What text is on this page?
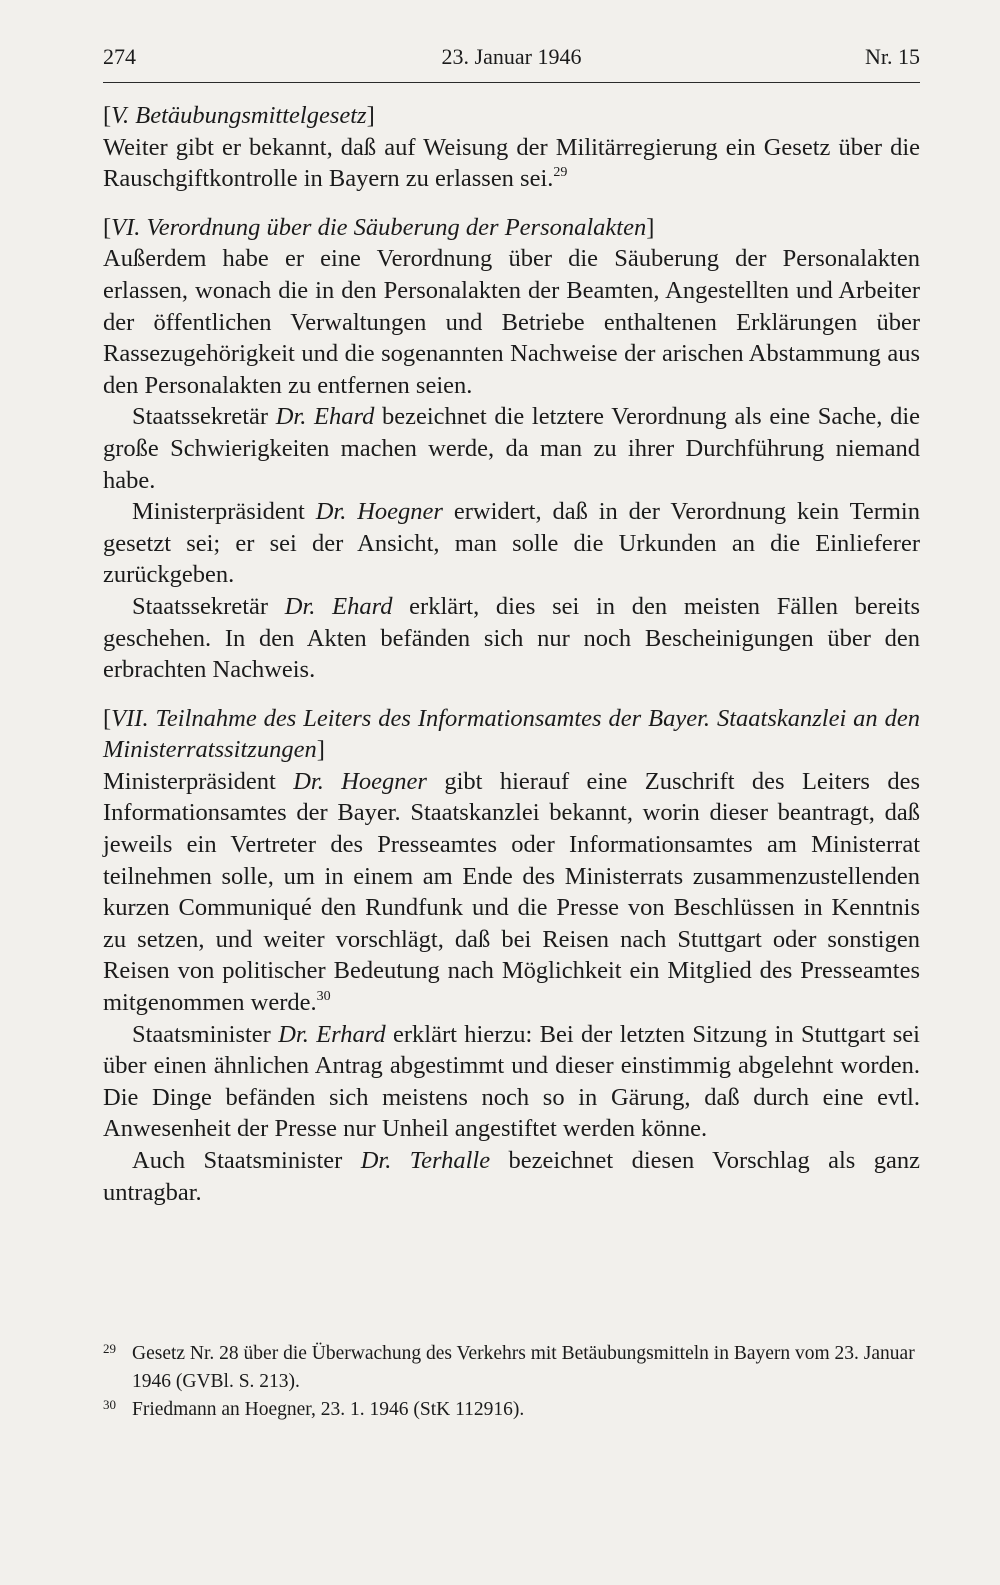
274	23. Januar 1946	Nr. 15

[V. Betäubungsmittelgesetz]

Weiter gibt er bekannt, daß auf Weisung der Militärregierung ein Gesetz über die Rauschgiftkontrolle in Bayern zu erlassen sei.$^{29}$

[VI. Verordnung über die Säuberung der Personalakten]

Außerdem habe er eine Verordnung über die Säuberung der Personalakten erlassen, wonach die in den Personalakten der Beamten, Angestellten und Arbeiter der öffentlichen Verwaltungen und Betriebe enthaltenen Erklärungen über Rassezugehörigkeit und die sogenannten Nachweise der arischen Abstammung aus den Personalakten zu entfernen seien.

Staatssekretär Dr. Ehard bezeichnet die letztere Verordnung als eine Sache, die große Schwierigkeiten machen werde, da man zu ihrer Durchführung niemand habe.

Ministerpräsident Dr. Hoegner erwidert, daß in der Verordnung kein Termin gesetzt sei; er sei der Ansicht, man solle die Urkunden an die Einlieferer zurückgeben.

Staatssekretär Dr. Ehard erklärt, dies sei in den meisten Fällen bereits geschehen. In den Akten befänden sich nur noch Bescheinigungen über den erbrachten Nachweis.

[VII. Teilnahme des Leiters des Informationsamtes der Bayer. Staatskanzlei an den Ministerratssitzungen]

Ministerpräsident Dr. Hoegner gibt hierauf eine Zuschrift des Leiters des Informationsamtes der Bayer. Staatskanzlei bekannt, worin dieser beantragt, daß jeweils ein Vertreter des Presseamtes oder Informationsamtes am Ministerrat teilnehmen solle, um in einem am Ende des Ministerrats zusammenzustellenden kurzen Communiqué den Rundfunk und die Presse von Beschlüssen in Kenntnis zu setzen, und weiter vorschlägt, daß bei Reisen nach Stuttgart oder sonstigen Reisen von politischer Bedeutung nach Möglichkeit ein Mitglied des Presseamtes mitgenommen werde.$^{30}$

Staatsminister Dr. Erhard erklärt hierzu: Bei der letzten Sitzung in Stuttgart sei über einen ähnlichen Antrag abgestimmt und dieser einstimmig abgelehnt worden. Die Dinge befänden sich meistens noch so in Gärung, daß durch eine evtl. Anwesenheit der Presse nur Unheil angestiftet werden könne.

Auch Staatsminister Dr. Terhalle bezeichnet diesen Vorschlag als ganz untragbar.

29 Gesetz Nr. 28 über die Überwachung des Verkehrs mit Betäubungsmitteln in Bayern vom 23. Januar 1946 (GVBl. S. 213).

30 Friedmann an Hoegner, 23. 1. 1946 (StK 112916).
